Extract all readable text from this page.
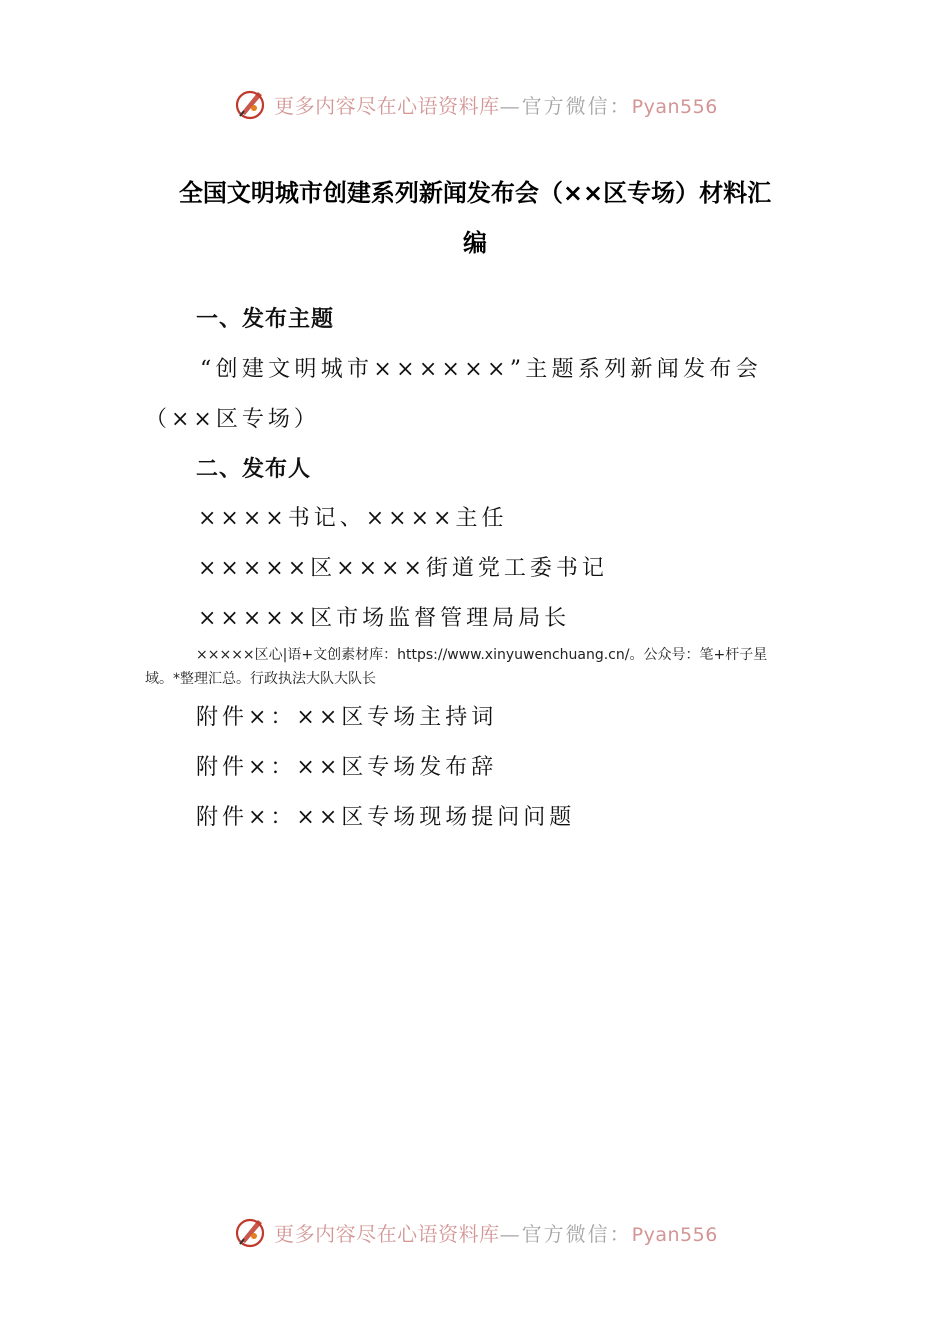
更多内容尽在心语资料库—官方微信：Pyan556
全国文明城市创建系列新闻发布会（××区专场）材料汇
编
一、发布主题
“创建文明城市××××××”主题系列新闻发布会
（××区专场）
二、发布人
××××书记、××××主任
×××××区××××街道党工委书记
×××××区市场监督管理局局长
×××××区心|语+文创素材库：https://www.xinyuwenchuang.cn/。公众号：笔+杆子星
域。*整理汇总。行政执法大队大队长
附件×：××区专场主持词
附件×：××区专场发布辞
附件×：××区专场现场提问问题
更多内容尽在心语资料库—官方微信：Pyan556
